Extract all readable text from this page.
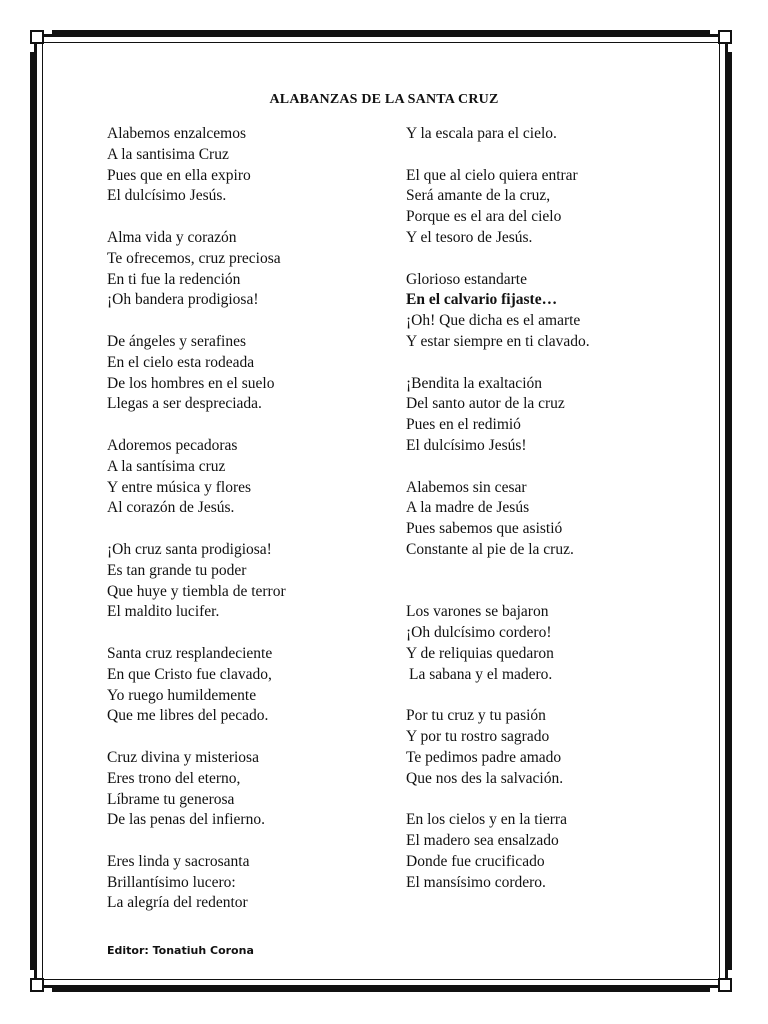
ALABANZAS DE LA SANTA CRUZ
Alabemos enzalcemos
A la santisima Cruz
Pues que en ella expiro
El dulcísimo Jesús.
Alma vida y corazón
Te ofrecemos, cruz preciosa
En ti fue la redención
¡Oh bandera prodigiosa!
De ángeles y serafines
En el cielo esta rodeada
De los hombres en el suelo
Llegas a ser despreciada.
Adoremos pecadoras
A la santísima cruz
Y entre música y flores
Al corazón de Jesús.
¡Oh cruz santa prodigiosa!
Es tan grande tu poder
Que huye y tiembla de terror
El maldito lucifer.
Santa cruz resplandeciente
En que Cristo fue clavado,
Yo ruego humildemente
Que me libres del pecado.
Cruz divina y misteriosa
Eres trono del eterno,
Líbrame tu generosa
De las penas del infierno.
Eres linda y sacrosanta
Brillantísimo lucero:
La alegría del redentor
Y la escala para el cielo.
El que al cielo quiera entrar
Será amante de la cruz,
Porque es el ara del cielo
Y el tesoro de Jesús.
Glorioso estandarte
En el calvario fijaste…
¡Oh! Que dicha es el amarte
Y estar siempre en ti clavado.
¡Bendita la exaltación
Del santo autor de la cruz
Pues en el redimió
El dulcísimo Jesús!
Alabemos sin cesar
A la madre de Jesús
Pues sabemos que asistió
Constante al pie de la cruz.
Los varones se bajaron
¡Oh dulcísimo cordero!
Y de reliquias quedaron
La sabana y el madero.
Por tu cruz y tu pasión
Y por tu rostro sagrado
Te pedimos padre amado
Que nos des la salvación.
En los cielos y en la tierra
El madero sea ensalzado
Donde fue crucificado
El mansísimo cordero.
Editor: Tonatiuh Corona
